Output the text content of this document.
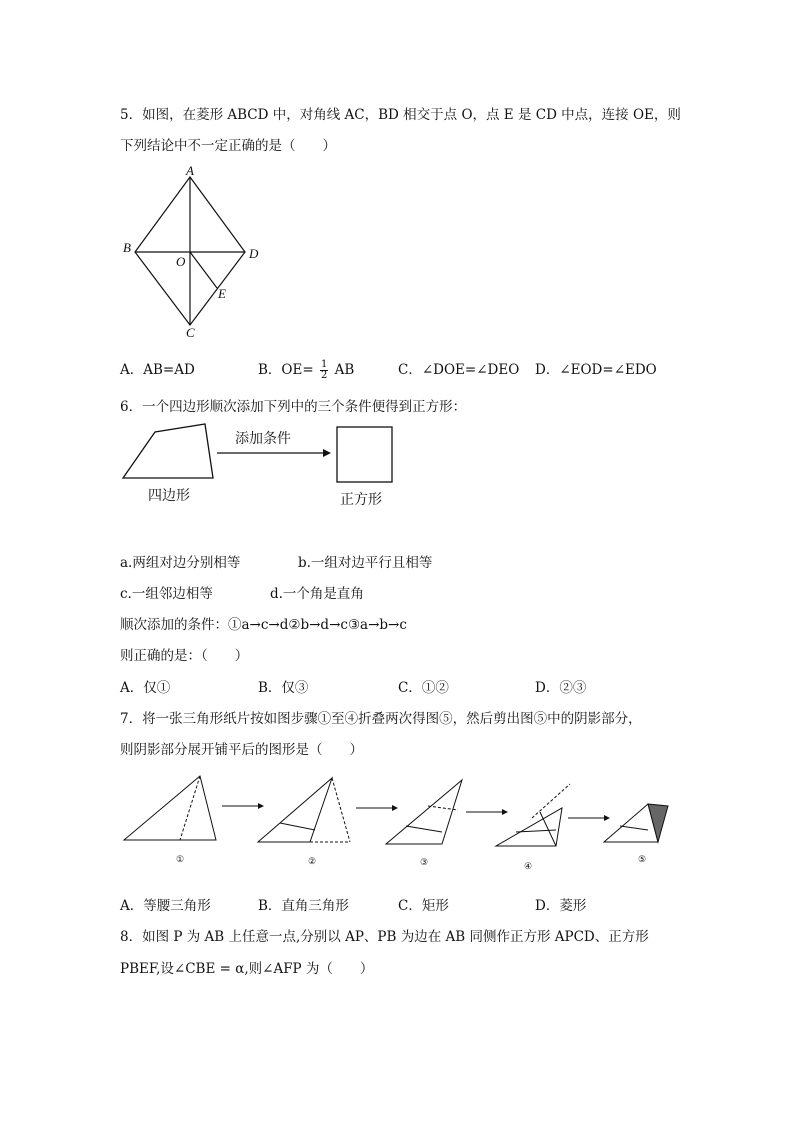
5．如图，在菱形 ABCD 中，对角线 AC，BD 相交于点 O，点 E 是 CD 中点，连接 OE，则
下列结论中不一定正确的是（　　）
A
B
C
D
O
E
A．AB=AD	B．$OE= \frac{1}{2}$ AB	C．∠DOE=∠DEO D．∠EOD=∠EDO
6．一个四边形顺次添加下列中的三个条件便得到正方形：
添加条件
四边形	正方形
a.两组对边分别相等	b.一组对边平行且相等
c.一组邻边相等	d.一个角是直角
顺次添加的条件：①a→c→d②b→d→c③a→b→c
则正确的是：（　　）
A．仅①	B．仅③	C．①②	D．②③
7．将一张三角形纸片按如图步骤①至④折叠两次得图⑤，然后剪出图⑤中的阴影部分，
则阴影部分展开铺平后的图形是（　　）
①	②	③	④
⑤
A．等腰三角形	B．直角三角形	C．矩形	D．菱形
8．如图 P 为 AB 上任意一点,分别以 AP、PB 为边在 AB 同侧作正方形 APCD、正方形
PBEF,设∠CBE = α,则∠AFP 为（　　）
